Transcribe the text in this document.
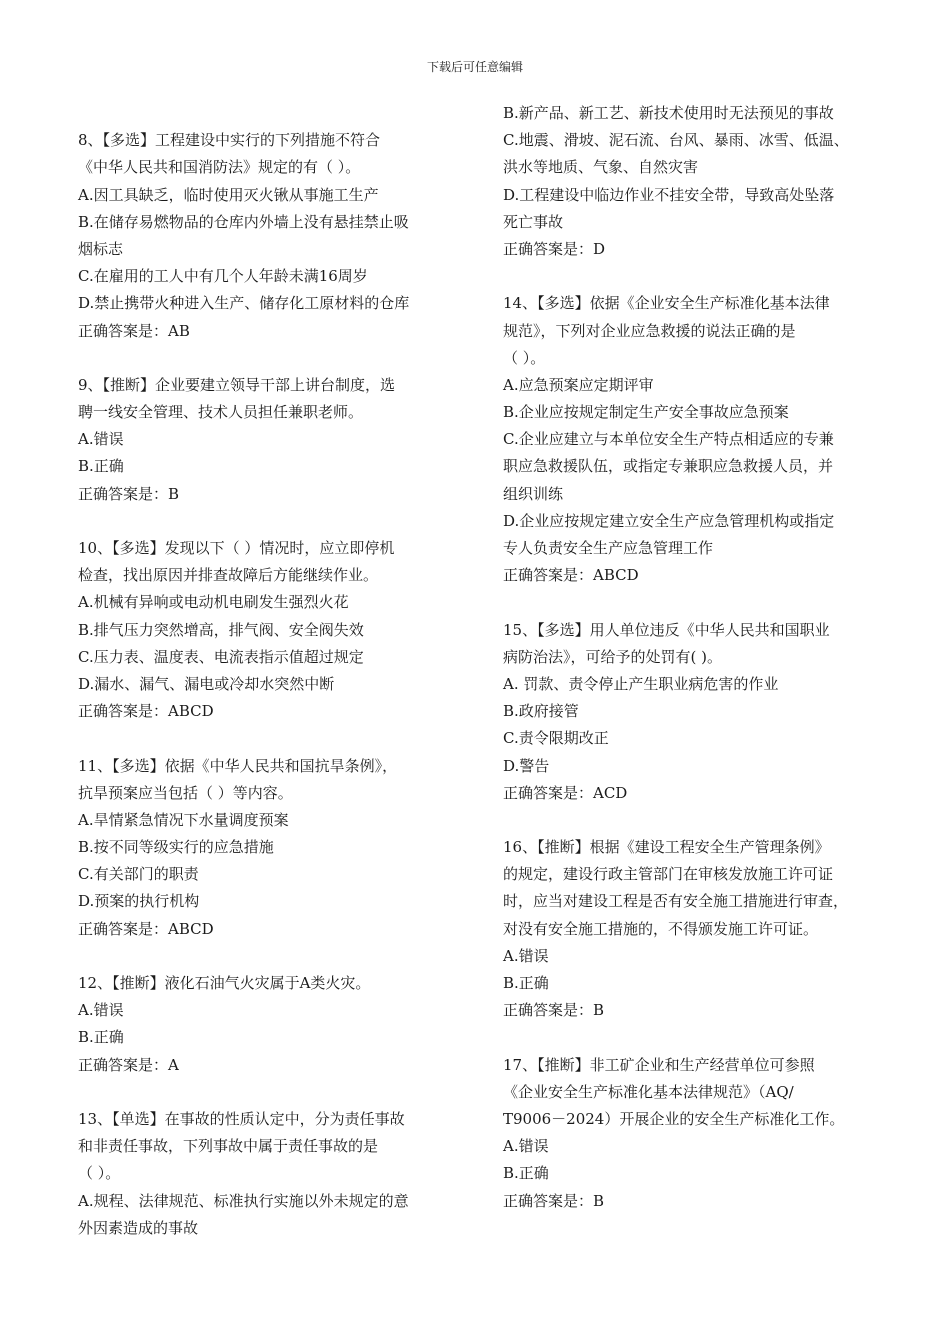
下载后可任意编辑
8、【多选】工程建设中实行的下列措施不符合
《中华人民共和国消防法》规定的有（ ）。
A.因工具缺乏，临时使用灭火锹从事施工生产
B.在储存易燃物品的仓库内外墙上没有悬挂禁止吸
烟标志
C.在雇用的工人中有几个人年龄未满16周岁
D.禁止携带火种进入生产、储存化工原材料的仓库
正确答案是：AB
9、【推断】企业要建立领导干部上讲台制度，选
聘一线安全管理、技术人员担任兼职老师。
A.错误
B.正确
正确答案是：B
10、【多选】发现以下（ ）情况时，应立即停机
检查，找出原因并排查故障后方能继续作业。
A.机械有异响或电动机电刷发生强烈火花
B.排气压力突然增高，排气阀、安全阀失效
C.压力表、温度表、电流表指示值超过规定
D.漏水、漏气、漏电或冷却水突然中断
正确答案是：ABCD
11、【多选】依据《中华人民共和国抗旱条例》，
抗旱预案应当包括（ ）等内容。
A.旱情紧急情况下水量调度预案
B.按不同等级实行的应急措施
C.有关部门的职责
D.预案的执行机构
正确答案是：ABCD
12、【推断】液化石油气火灾属于A类火灾。
A.错误
B.正确
正确答案是：A
13、【单选】在事故的性质认定中，分为责任事故
和非责任事故，下列事故中属于责任事故的是
（ ）。
A.规程、法律规范、标准执行实施以外未规定的意
外因素造成的事故
B.新产品、新工艺、新技术使用时无法预见的事故
C.地震、滑坡、泥石流、台风、暴雨、冰雪、低温、
洪水等地质、气象、自然灾害
D.工程建设中临边作业不挂安全带，导致高处坠落
死亡事故
正确答案是：D
14、【多选】依据《企业安全生产标准化基本法律
规范》，下列对企业应急救援的说法正确的是
（ ）。
A.应急预案应定期评审
B.企业应按规定制定生产安全事故应急预案
C.企业应建立与本单位安全生产特点相适应的专兼
职应急救援队伍，或指定专兼职应急救援人员，并
组织训练
D.企业应按规定建立安全生产应急管理机构或指定
专人负责安全生产应急管理工作
正确答案是：ABCD
15、【多选】用人单位违反《中华人民共和国职业
病防治法》，可给予的处罚有( )。
A. 罚款、责令停止产生职业病危害的作业
B.政府接管
C.责令限期改正
D.警告
正确答案是：ACD
16、【推断】根据《建设工程安全生产管理条例》
的规定，建设行政主管部门在审核发放施工许可证
时，应当对建设工程是否有安全施工措施进行审查，
对没有安全施工措施的，不得颁发施工许可证。
A.错误
B.正确
正确答案是：B
17、【推断】非工矿企业和生产经营单位可参照
《企业安全生产标准化基本法律规范》（AQ/
T9006－2024）开展企业的安全生产标准化工作。
A.错误
B.正确
正确答案是：B
